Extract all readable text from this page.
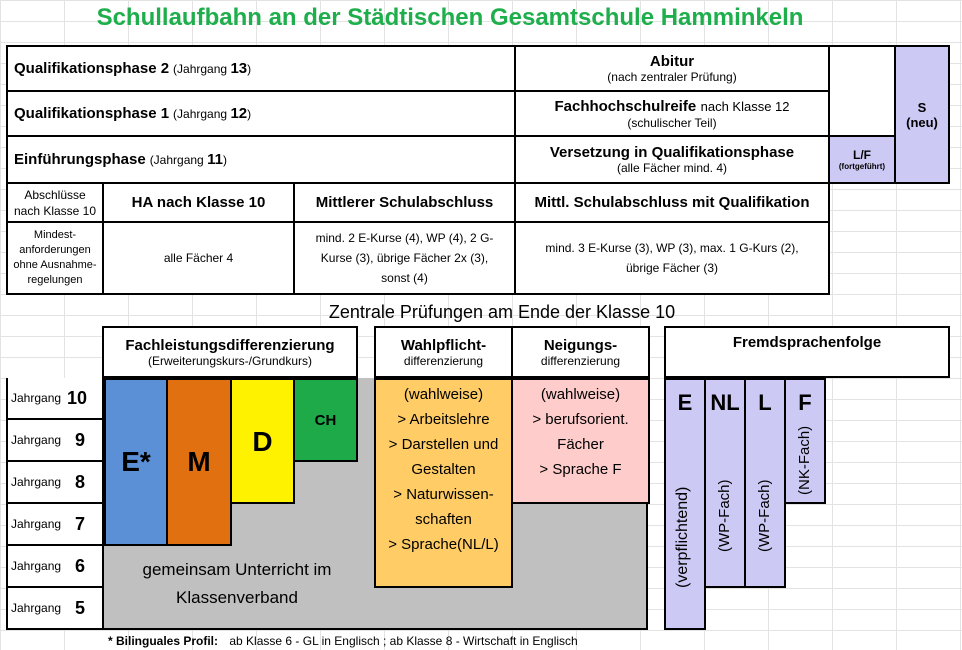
Schullaufbahn an der Städtischen Gesamtschule Hamminkeln
Qualifikationsphase 2 (Jahrgang 13)
Qualifikationsphase 1 (Jahrgang 12)
Einführungsphase (Jahrgang 11)
Abitur
(nach zentraler Prüfung)
Fachhochschulreife nach Klasse 12
(schulischer Teil)
Versetzung in Qualifikationsphase
(alle Fächer mind. 4)
S
(neu)
L/F
(fortgeführt)
Abschlüsse
nach Klasse 10
Mindest-
anforderungen
ohne Ausnahme-
regelungen
HA nach Klasse 10	Mittlerer Schulabschluss	Mittl. Schulabschluss mit Qualifikation
alle Fächer 4
mind. 2 E-Kurse (4), WP (4), 2 G-
Kurse (3), übrige Fächer 2x (3),
sonst (4)
mind. 3 E-Kurse (3), WP (3), max. 1 G-Kurs (2),
übrige Fächer (3)
Zentrale Prüfungen am Ende der Klasse 10
Fachleistungsdifferenzierung
(Erweiterungskurs-/Grundkurs)
Wahlpflicht-
differenzierung
Neigungs-
differenzierung
Fremdsprachenfolge
Jahrgang 10
Jahrgang 9
Jahrgang 8
Jahrgang 7
Jahrgang 6
Jahrgang 5
gemeinsam Unterricht im
Klassenverband
E* M
D
CH
(wahlweise)
> Arbeitslehre
> Darstellen und
Gestalten
> Naturwissen-
schaften
> Sprache(NL/L)
(wahlweise)
> berufsorient.
Fächer
> Sprache F
E
(verpflichtend)
NL
(WP-Fach)
L
(WP-Fach)
F
(NK-Fach)
* Bilinguales Profil: ab Klasse 6 - GL in Englisch ; ab Klasse 8 - Wirtschaft in Englisch
